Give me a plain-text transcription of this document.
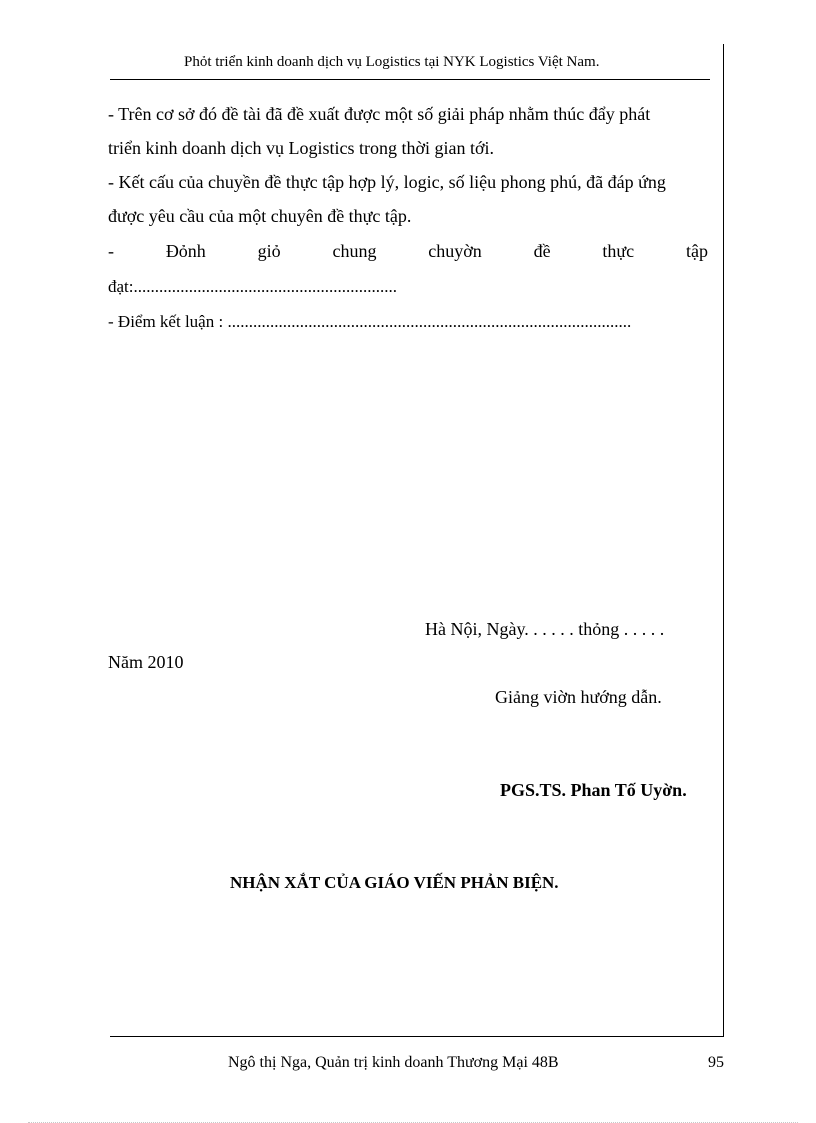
Phỏt triển kinh doanh dịch vụ Logistics tại NYK Logistics Việt Nam.
- Trên cơ sở đó đề tài đã đề xuất được một số giải pháp nhằm thúc đẩy phát
triển kinh doanh dịch vụ Logistics trong thời gian tới.
- Kết cấu của chuyền đề thực tập hợp lý, logic, số liệu phong phú, đã đáp ứng
được yêu cầu của một chuyên đề thực tập.
-	Đỏnh	giỏ	chung	chuyờn	đề	thực	tập
đạt:..............................................................
- Điểm kết luận : ...............................................................................................
Hà Nội, Ngày. . . . . . thỏng . . . . .
Năm 2010
Giảng viờn hướng dẫn.
PGS.TS. Phan Tố Uyờn.
NHẬN XẮT CỦA GIÁO VIẾN PHẢN BIỆN.
Ngô thị Nga, Quản trị kinh doanh Thương Mại 48B	95
